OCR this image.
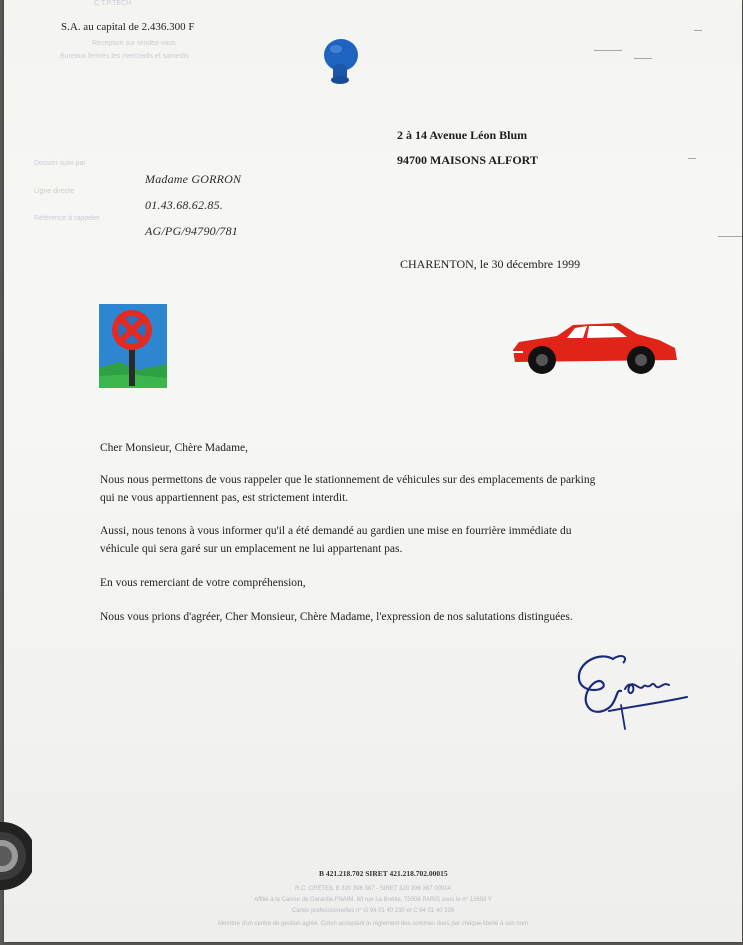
C.T.P.TECH
S.A. au capital de 2.436.300 F
Réception sur rendez-vous
Bureaux fermés les mercredis et samedis
2 à 14 Avenue Léon Blum
94700 MAISONS ALFORT
Dossier suivi par
Ligne directe
Référence à rappeler
Madame GORRON
01.43.68.62.85.
AG/PG/94790/781
CHARENTON, le 30 décembre 1999
Cher Monsieur, Chère Madame,
Nous nous permettons de vous rappeler que le stationnement de véhicules sur des emplacements de parking
qui ne vous appartiennent pas, est strictement interdit.
Aussi, nous tenons à vous informer qu'il a été demandé au gardien une mise en fourrière immédiate du
véhicule qui sera garé sur un emplacement ne lui appartenant pas.
En vous remerciant de votre compréhension,
Nous vous prions d'agréer, Cher Monsieur, Chère Madame, l'expression de nos salutations distinguées.
B 421.218.702 SIRET 421.218.702.00015
R.C. CRETEIL B 320 396 387 - SIRET 320 396 387 00014
Affilié à la Caisse de Garantie FNAIM, 89 rue La Boétie, 75008 PARIS sous le n° 12693 Y
Cartes professionnelles n° G 94 01 40 230 et C 94 01 40 339
Membre d'un centre de gestion agréé. Coton acceptant le règlement des sommes dues par chèque libellé à son nom
